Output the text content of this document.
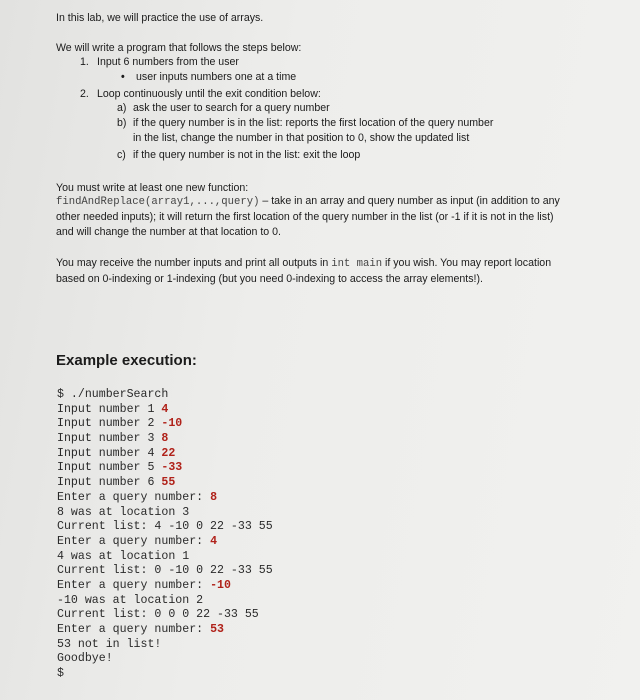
In this lab, we will practice the use of arrays.
We will write a program that follows the steps below:
1. Input 6 numbers from the user
• user inputs numbers one at a time
2. Loop continuously until the exit condition below:
a) ask the user to search for a query number
b) if the query number is in the list: reports the first location of the query number
in the list, change the number in that position to 0, show the updated list
c) if the query number is not in the list: exit the loop
You must write at least one new function:
findAndReplace(array1,...,query) – take in an array and query number as input (in addition to any other needed inputs); it will return the first location of the query number in the list (or -1 if it is not in the list) and will change the number at that location to 0.
You may receive the number inputs and print all outputs in int main if you wish. You may report location based on 0-indexing or 1-indexing (but you need 0-indexing to access the array elements!).
Example execution:
$ ./numberSearch
Input number 1 4
Input number 2 -10
Input number 3 8
Input number 4 22
Input number 5 -33
Input number 6 55
Enter a query number: 8
8 was at location 3
Current list: 4 -10 0 22 -33 55
Enter a query number: 4
4 was at location 1
Current list: 0 -10 0 22 -33 55
Enter a query number: -10
-10 was at location 2
Current list: 0 0 0 22 -33 55
Enter a query number: 53
53 not in list!
Goodbye!
$
